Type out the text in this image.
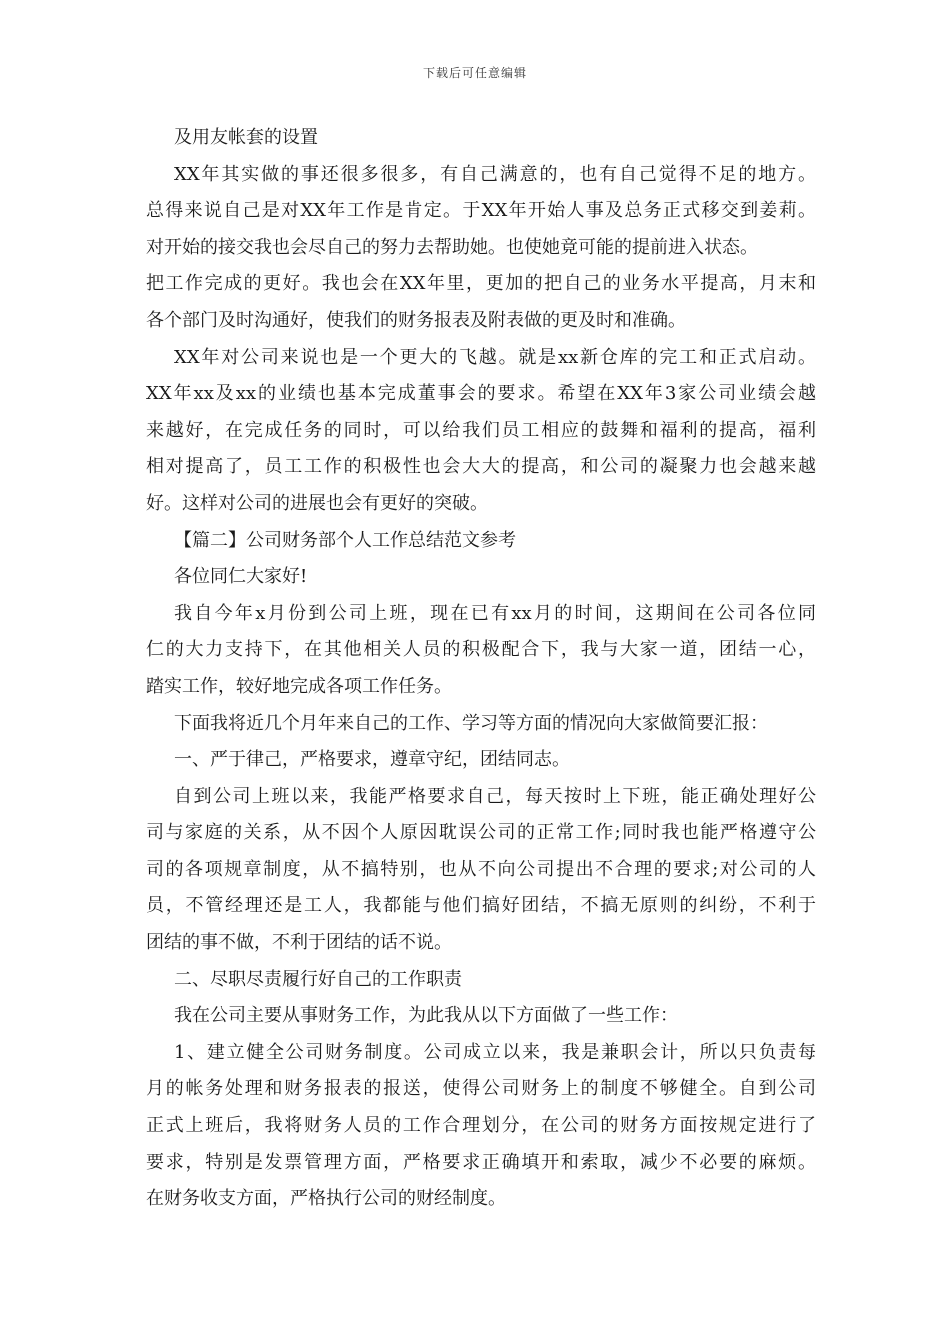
下载后可任意编辑
及用友帐套的设置
XX年其实做的事还很多很多，有自己满意的，也有自己觉得不足的地方。
总得来说自己是对XX年工作是肯定。于XX年开始人事及总务正式移交到姜莉。
对开始的接交我也会尽自己的努力去帮助她。也使她竟可能的提前进入状态。
把工作完成的更好。我也会在XX年里，更加的把自己的业务水平提高，月末和
各个部门及时沟通好，使我们的财务报表及附表做的更及时和准确。
XX年对公司来说也是一个更大的飞越。就是xx新仓库的完工和正式启动。
XX年xx及xx的业绩也基本完成董事会的要求。希望在XX年3家公司业绩会越
来越好，在完成任务的同时，可以给我们员工相应的鼓舞和福利的提高，福利
相对提高了，员工工作的积极性也会大大的提高，和公司的凝聚力也会越来越
好。这样对公司的进展也会有更好的突破。
【篇二】公司财务部个人工作总结范文参考
各位同仁大家好!
我自今年x月份到公司上班，现在已有xx月的时间，这期间在公司各位同
仁的大力支持下，在其他相关人员的积极配合下，我与大家一道，团结一心，
踏实工作，较好地完成各项工作任务。
下面我将近几个月年来自己的工作、学习等方面的情况向大家做简要汇报：
一、严于律己，严格要求，遵章守纪，团结同志。
自到公司上班以来，我能严格要求自己，每天按时上下班，能正确处理好公
司与家庭的关系，从不因个人原因耽误公司的正常工作;同时我也能严格遵守公
司的各项规章制度，从不搞特别，也从不向公司提出不合理的要求;对公司的人
员，不管经理还是工人，我都能与他们搞好团结，不搞无原则的纠纷，不利于
团结的事不做，不利于团结的话不说。
二、尽职尽责履行好自己的工作职责
我在公司主要从事财务工作，为此我从以下方面做了一些工作：
1、建立健全公司财务制度。公司成立以来，我是兼职会计，所以只负责每
月的帐务处理和财务报表的报送，使得公司财务上的制度不够健全。自到公司
正式上班后，我将财务人员的工作合理划分，在公司的财务方面按规定进行了
要求，特别是发票管理方面，严格要求正确填开和索取，减少不必要的麻烦。
在财务收支方面，严格执行公司的财经制度。
